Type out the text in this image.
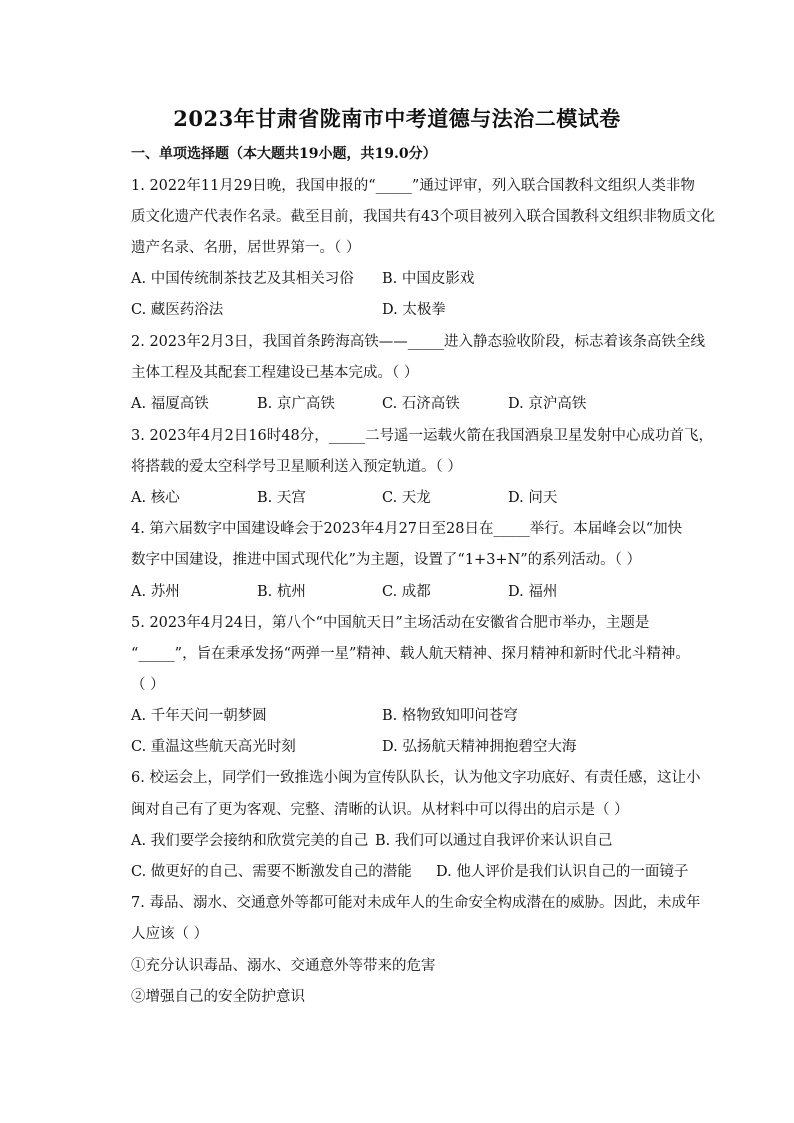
2023年甘肃省陇南市中考道德与法治二模试卷
一、单项选择题（本大题共19小题，共19.0分）
1. 2022年11月29日晚，我国申报的“_____”通过评审，列入联合国教科文组织人类非物
质文化遗产代表作名录。截至目前，我国共有43个项目被列入联合国教科文组织非物质文化
遗产名录、名册，居世界第一。（ ）
A. 中国传统制茶技艺及其相关习俗 B. 中国皮影戏
C. 藏医药浴法	D. 太极拳
2. 2023年2月3日，我国首条跨海高铁——_____进入静态验收阶段，标志着该条高铁全线
主体工程及其配套工程建设已基本完成。（ ）
A. 福厦高铁	B. 京广高铁	C. 石济高铁	D. 京沪高铁
3. 2023年4月2日16时48分，_____二号遥一运载火箭在我国酒泉卫星发射中心成功首飞，
将搭载的爱太空科学号卫星顺利送入预定轨道。（ ）
A. 核心	B. 天宫	C. 天龙	D. 问天
4. 第六届数字中国建设峰会于2023年4月27日至28日在_____举行。本届峰会以“加快
数字中国建设，推进中国式现代化”为主题，设置了“1+3+N”的系列活动。（ ）
A. 苏州	B. 杭州	C. 成都	D. 福州
5. 2023年4月24日，第八个“中国航天日”主场活动在安徽省合肥市举办，主题是
“_____”，旨在秉承发扬“两弹一星”精神、载人航天精神、探月精神和新时代北斗精神。
（ ）
A. 千年天问一朝梦圆	B. 格物致知叩问苍穹
C. 重温这些航天高光时刻	D. 弘扬航天精神拥抱碧空大海
6. 校运会上，同学们一致推选小闽为宣传队队长，认为他文字功底好、有责任感，这让小
闽对自己有了更为客观、完整、清晰的认识。从材料中可以得出的启示是（ ）
A. 我们要学会接纳和欣赏完美的自己 B. 我们可以通过自我评价来认识自己
C. 做更好的自己、需要不断激发自己的潜能 D. 他人评价是我们认识自己的一面镜子
7. 毒品、溺水、交通意外等都可能对未成年人的生命安全构成潜在的威胁。因此，未成年
人应该（ ）
①充分认识毒品、溺水、交通意外等带来的危害
②增强自己的安全防护意识
